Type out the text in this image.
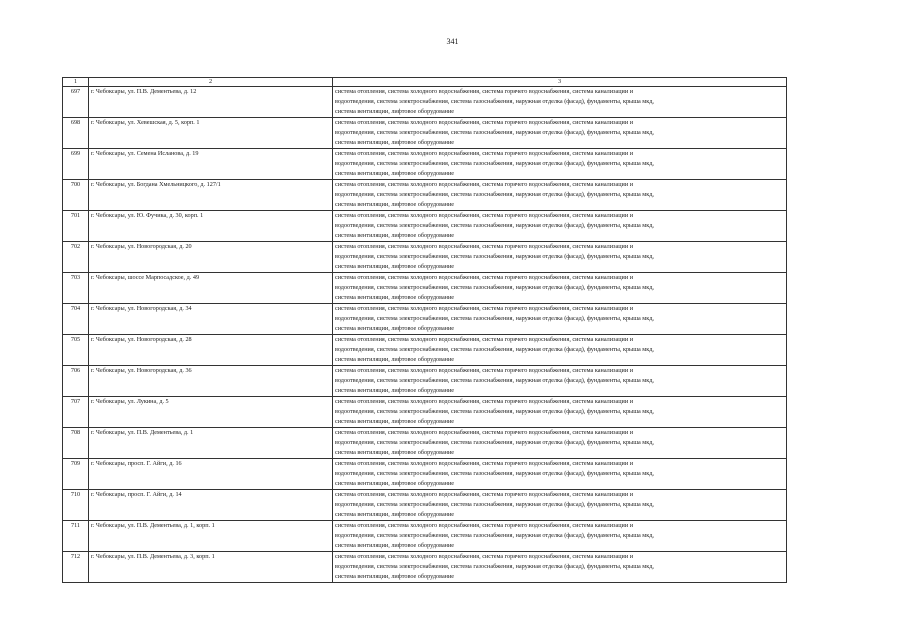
341
1	2	3
697	г. Чебоксары, ул. П.В. Дементьева, д. 12	система отопления, система холодного водоснабжения, система горячего водоснабжения, система канализации и
водоотведения, система электроснабжения, система газоснабжения, наружная отделка (фасад), фундаменты, крыша мкд,
система вентиляции, лифтовое оборудование

698	г. Чебоксары, ул. Хевешская, д. 5, корп. 1	система отопления, система холодного водоснабжения, система горячего водоснабжения, система канализации и
водоотведения, система электроснабжения, система газоснабжения, наружная отделка (фасад), фундаменты, крыша мкд,
система вентиляции, лифтовое оборудование

699	г. Чебоксары, ул. Семена Исланова, д. 19	система отопления, система холодного водоснабжения, система горячего водоснабжения, система канализации и
водоотведения, система электроснабжения, система газоснабжения, наружная отделка (фасад), фундаменты, крыша мкд,
система вентиляции, лифтовое оборудование

700	г. Чебоксары, ул. Богдана Хмельницкого, д. 127/1	система отопления, система холодного водоснабжения, система горячего водоснабжения, система канализации и
водоотведения, система электроснабжения, система газоснабжения, наружная отделка (фасад), фундаменты, крыша мкд,
система вентиляции, лифтовое оборудование

701	г. Чебоксары, ул. Ю. Фучика, д. 30, корп. 1	система отопления, система холодного водоснабжения, система горячего водоснабжения, система канализации и
водоотведения, система электроснабжения, система газоснабжения, наружная отделка (фасад), фундаменты, крыша мкд,
система вентиляции, лифтовое оборудование

702	г. Чебоксары, ул. Новогородская, д. 20	система отопления, система холодного водоснабжения, система горячего водоснабжения, система канализации и
водоотведения, система электроснабжения, система газоснабжения, наружная отделка (фасад), фундаменты, крыша мкд,
система вентиляции, лифтовое оборудование

703	г. Чебоксары, шоссе Марпосадское, д. 49	система отопления, система холодного водоснабжения, система горячего водоснабжения, система канализации и
водоотведения, система электроснабжения, система газоснабжения, наружная отделка (фасад), фундаменты, крыша мкд,
система вентиляции, лифтовое оборудование

704	г. Чебоксары, ул. Новогородская, д. 34	система отопления, система холодного водоснабжения, система горячего водоснабжения, система канализации и
водоотведения, система электроснабжения, система газоснабжения, наружная отделка (фасад), фундаменты, крыша мкд,
система вентиляции, лифтовое оборудование

705	г. Чебоксары, ул. Новогородская, д. 28	система отопления, система холодного водоснабжения, система горячего водоснабжения, система канализации и
водоотведения, система электроснабжения, система газоснабжения, наружная отделка (фасад), фундаменты, крыша мкд,
система вентиляции, лифтовое оборудование

706	г. Чебоксары, ул. Новогородская, д. 36	система отопления, система холодного водоснабжения, система горячего водоснабжения, система канализации и
водоотведения, система электроснабжения, система газоснабжения, наружная отделка (фасад), фундаменты, крыша мкд,
система вентиляции, лифтовое оборудование

707	г. Чебоксары, ул. Лукина, д. 5	система отопления, система холодного водоснабжения, система горячего водоснабжения, система канализации и
водоотведения, система электроснабжения, система газоснабжения, наружная отделка (фасад), фундаменты, крыша мкд,
система вентиляции, лифтовое оборудование

708	г. Чебоксары, ул. П.В. Дементьева, д. 1	система отопления, система холодного водоснабжения, система горячего водоснабжения, система канализации и
водоотведения, система электроснабжения, система газоснабжения, наружная отделка (фасад), фундаменты, крыша мкд,
система вентиляции, лифтовое оборудование

709	г. Чебоксары, просп. Г. Айги, д. 16	система отопления, система холодного водоснабжения, система горячего водоснабжения, система канализации и
водоотведения, система электроснабжения, система газоснабжения, наружная отделка (фасад), фундаменты, крыша мкд,
система вентиляции, лифтовое оборудование

710	г. Чебоксары, просп. Г. Айги, д. 14	система отопления, система холодного водоснабжения, система горячего водоснабжения, система канализации и
водоотведения, система электроснабжения, система газоснабжения, наружная отделка (фасад), фундаменты, крыша мкд,
система вентиляции, лифтовое оборудование

711	г. Чебоксары, ул. П.В. Дементьева, д. 1, корп. 1	система отопления, система холодного водоснабжения, система горячего водоснабжения, система канализации и
водоотведения, система электроснабжения, система газоснабжения, наружная отделка (фасад), фундаменты, крыша мкд,
система вентиляции, лифтовое оборудование

712	г. Чебоксары, ул. П.В. Дементьева, д. 3, корп. 1	система отопления, система холодного водоснабжения, система горячего водоснабжения, система канализации и
водоотведения, система электроснабжения, система газоснабжения, наружная отделка (фасад), фундаменты, крыша мкд,
система вентиляции, лифтовое оборудование
